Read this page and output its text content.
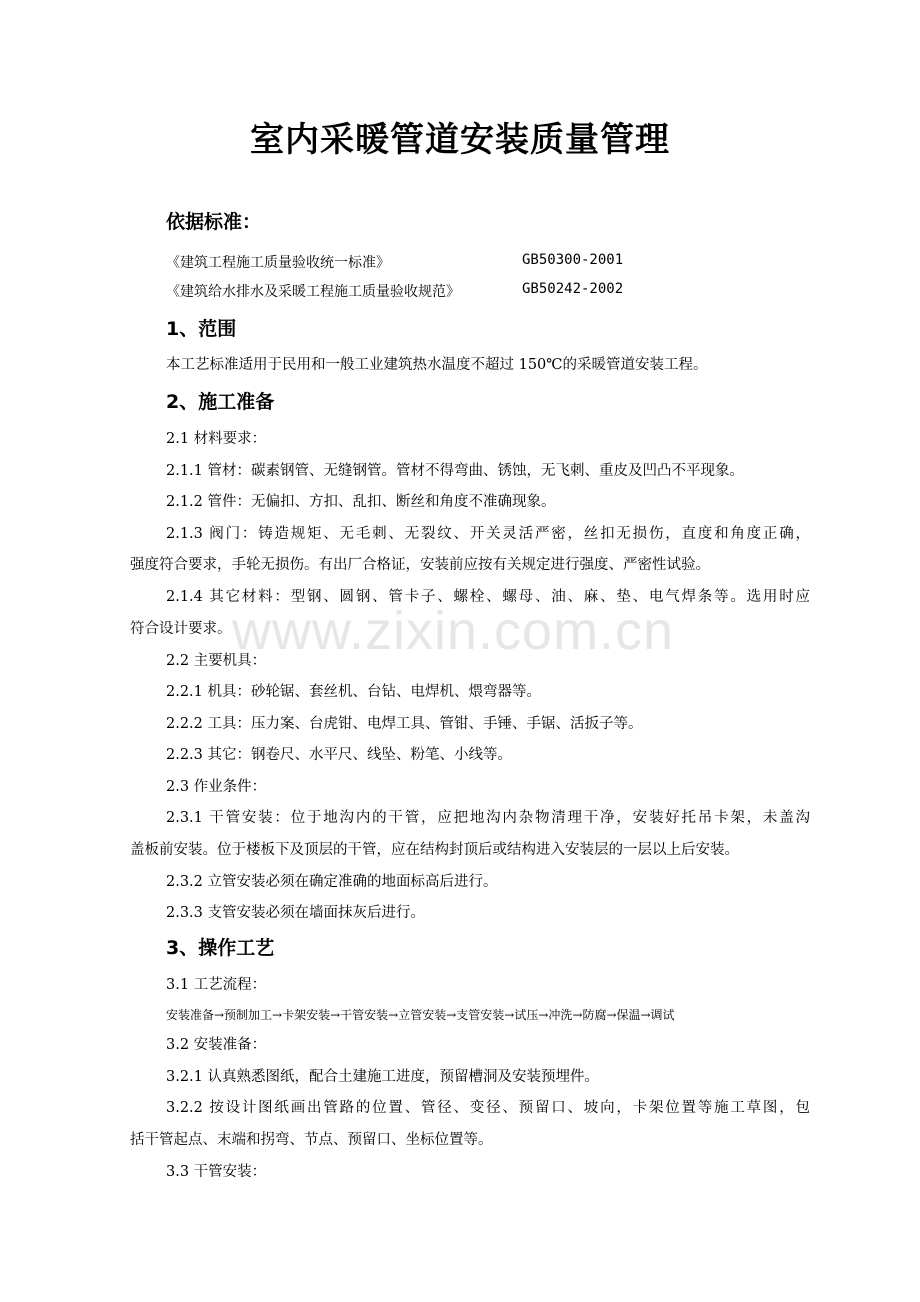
www.zixin.com.cn
室内采暖管道安装质量管理
依据标准：
《建筑工程施工质量验收统一标准》	GB50300-2001
《建筑给水排水及采暖工程施工质量验收规范》	GB50242-2002
1、范围
本工艺标准适用于民用和一般工业建筑热水温度不超过 150℃的采暖管道安装工程。
2、施工准备
2.1 材料要求：
2.1.1 管材：碳素钢管、无缝钢管。管材不得弯曲、锈蚀，无飞刺、重皮及凹凸不平现象。
2.1.2 管件：无偏扣、方扣、乱扣、断丝和角度不准确现象。
2.1.3 阀门：铸造规矩、无毛刺、无裂纹、开关灵活严密，丝扣无损伤，直度和角度正确，
强度符合要求，手轮无损伤。有出厂合格证，安装前应按有关规定进行强度、严密性试验。
2.1.4 其它材料：型钢、圆钢、管卡子、螺栓、螺母、油、麻、垫、电气焊条等。选用时应
符合设计要求。
2.2 主要机具：
2.2.1 机具：砂轮锯、套丝机、台钻、电焊机、煨弯器等。
2.2.2 工具：压力案、台虎钳、电焊工具、管钳、手锤、手锯、活扳子等。
2.2.3 其它：钢卷尺、水平尺、线坠、粉笔、小线等。
2.3 作业条件：
2.3.1 干管安装：位于地沟内的干管，应把地沟内杂物清理干净，安装好托吊卡架，未盖沟
盖板前安装。位于楼板下及顶层的干管，应在结构封顶后或结构进入安装层的一层以上后安装。
2.3.2 立管安装必须在确定准确的地面标高后进行。
2.3.3 支管安装必须在墙面抹灰后进行。
3、操作工艺
3.1 工艺流程：
安装准备→预制加工→卡架安装→干管安装→立管安装→支管安装→试压→冲洗→防腐→保温→调试
3.2 安装准备：
3.2.1 认真熟悉图纸，配合土建施工进度，预留槽洞及安装预埋件。
3.2.2 按设计图纸画出管路的位置、管径、变径、预留口、坡向，卡架位置等施工草图，包
括干管起点、末端和拐弯、节点、预留口、坐标位置等。
3.3 干管安装：
